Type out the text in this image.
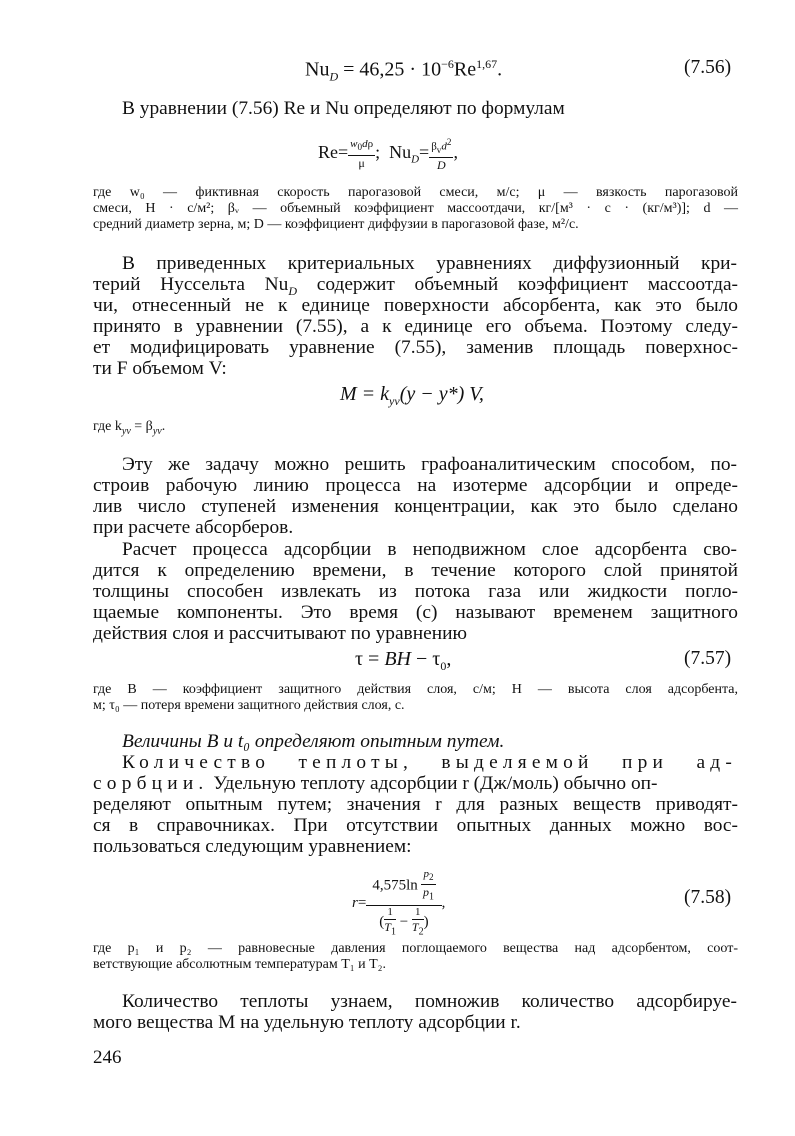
$Nu_D = 46,25 \cdot 10^{-6}Re^{1,67}$.	(7.56)
В уравнении (7.56) Re и Nu определяют по формулам
$Re= \frac{w_0d\rho}{\mu}$ ;  $Nu_D= \frac{\beta_vd^2}{D}$ ,
где w₀ — фиктивная скорость парогазовой смеси, м/с; μ — вязкость парогазовой
смеси, Н · с/м²; βᵥ — объемный коэффициент массоотдачи, кг/[м³ · с · (кг/м³)]; d —
средний диаметр зерна, м; D — коэффициент диффузии в парогазовой фазе, м²/с.
В приведенных критериальных уравнениях диффузионный кри-
терий Нуссельта $Nu_D$ содержит объемный коэффициент массоотда-
чи, отнесенный не к единице поверхности абсорбента, как это было
принято в уравнении (7.55), а к единице его объема. Поэтому следу-
ет модифицировать уравнение (7.55), заменив площадь поверхнос-
ти F объемом V:
$M = k_{yv}(y - y*)$ V,
где $k_{yv} = \beta_{yv}$.
Эту же задачу можно решить графоаналитическим способом, по-
строив рабочую линию процесса на изотерме адсорбции и опреде-
лив число ступеней изменения концентрации, как это было сделано
при расчете абсорберов.
Расчет процесса адсорбции в неподвижном слое адсорбента сво-
дится к определению времени, в течение которого слой принятой
толщины способен извлекать из потока газа или жидкости погло-
щаемые компоненты. Это время (с) называют временем защитного
действия слоя и рассчитывают по уравнению
τ = BH − $\tau_0$,	(7.57)
где B — коэффициент защитного действия слоя, с/м; H — высота слоя адсорбента,
м; τ₀ — потеря времени защитного действия слоя, с.
Величины B и t₀ определяют опытным путем.
Количество теплоты, выделяемой при ад-
сорбции. Удельную теплоту адсорбции r (Дж/моль) обычно оп-
ределяют опытным путем; значения r для разных веществ приводят-
ся в справочниках. При отсутствии опытных данных можно вос-
пользоваться следующим уравнением:
$r= \frac{4,575\ln \frac{p_2}{p_1}}{( \frac{1}{T_1} - \frac{1}{T_2} )}$ ,	(7.58)
где p₁ и p₂ — равновесные давления поглощаемого вещества над адсорбентом, соот-
ветствующие абсолютным температурам T₁ и T₂.
Количество теплоты узнаем, помножив количество адсорбируе-
мого вещества M на удельную теплоту адсорбции r.
246
